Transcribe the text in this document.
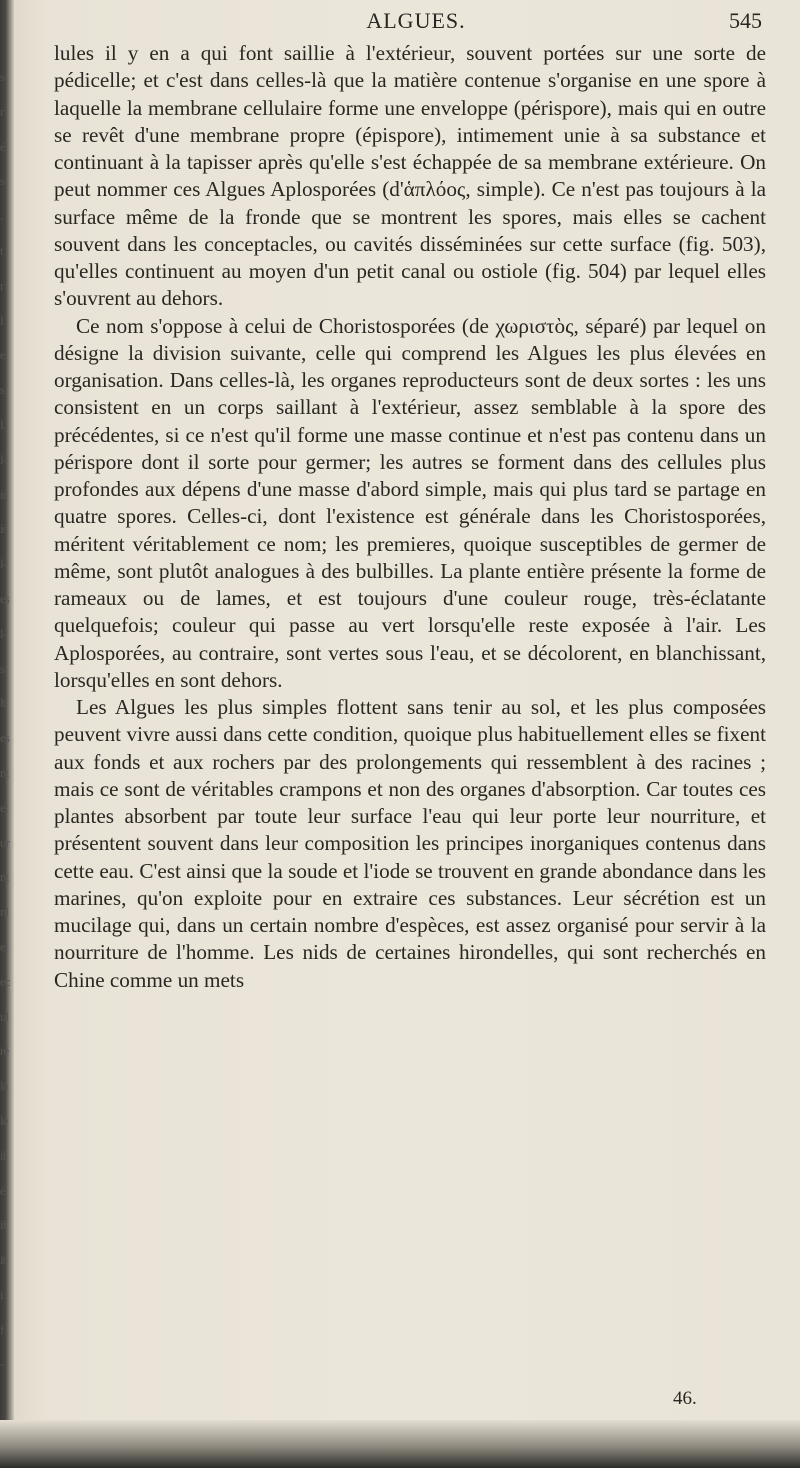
s
r
é
s
.
t
r
l
e
s
l.
l-
ir
is
l-
es
l-
s.
lt
es
nt
et
ur
nt
nl
el
ec
ul
ré
la
le
il
è
if
it
i
f
-
ALGUES.	545

lules il y en a qui font saillie à l'extérieur, souvent portées sur une sorte de pédicelle; et c'est dans celles-là que la matière contenue s'organise en une spore à laquelle la membrane cellulaire forme une enveloppe (périspore), mais qui en outre se revêt d'une membrane propre (épispore), intimement unie à sa substance et continuant à la tapisser après qu'elle s'est échappée de sa membrane extérieure. On peut nommer ces Algues Aplosporées (d'ἁπλόος, simple). Ce n'est pas toujours à la surface même de la fronde que se montrent les spores, mais elles se cachent souvent dans les conceptacles, ou cavités disséminées sur cette surface (fig. 503), qu'elles continuent au moyen d'un petit canal ou ostiole (fig. 504) par lequel elles s'ouvrent au dehors.

Ce nom s'oppose à celui de Choristosporées (de χωριστὸς, séparé) par lequel on désigne la division suivante, celle qui comprend les Algues les plus élevées en organisation. Dans celles-là, les organes reproducteurs sont de deux sortes : les uns consistent en un corps saillant à l'extérieur, assez semblable à la spore des précédentes, si ce n'est qu'il forme une masse continue et n'est pas contenu dans un périspore dont il sorte pour germer; les autres se forment dans des cellules plus profondes aux dépens d'une masse d'abord simple, mais qui plus tard se partage en quatre spores. Celles-ci, dont l'existence est générale dans les Choristosporées, méritent véritablement ce nom; les premieres, quoique susceptibles de germer de même, sont plutôt analogues à des bulbilles. La plante entière présente la forme de rameaux ou de lames, et est toujours d'une couleur rouge, très-éclatante quelquefois; couleur qui passe au vert lorsqu'elle reste exposée à l'air. Les Aplosporées, au contraire, sont vertes sous l'eau, et se décolorent, en blanchissant, lorsqu'elles en sont dehors.

Les Algues les plus simples flottent sans tenir au sol, et les plus composées peuvent vivre aussi dans cette condition, quoique plus habituellement elles se fixent aux fonds et aux rochers par des prolongements qui ressemblent à des racines ; mais ce sont de véritables crampons et non des organes d'absorption. Car toutes ces plantes absorbent par toute leur surface l'eau qui leur porte leur nourriture, et présentent souvent dans leur composition les principes inorganiques contenus dans cette eau. C'est ainsi que la soude et l'iode se trouvent en grande abondance dans les marines, qu'on exploite pour en extraire ces substances. Leur sécrétion est un mucilage qui, dans un certain nombre d'espèces, est assez organisé pour servir à la nourriture de l'homme. Les nids de certaines hirondelles, qui sont recherchés en Chine comme un mets

46.
